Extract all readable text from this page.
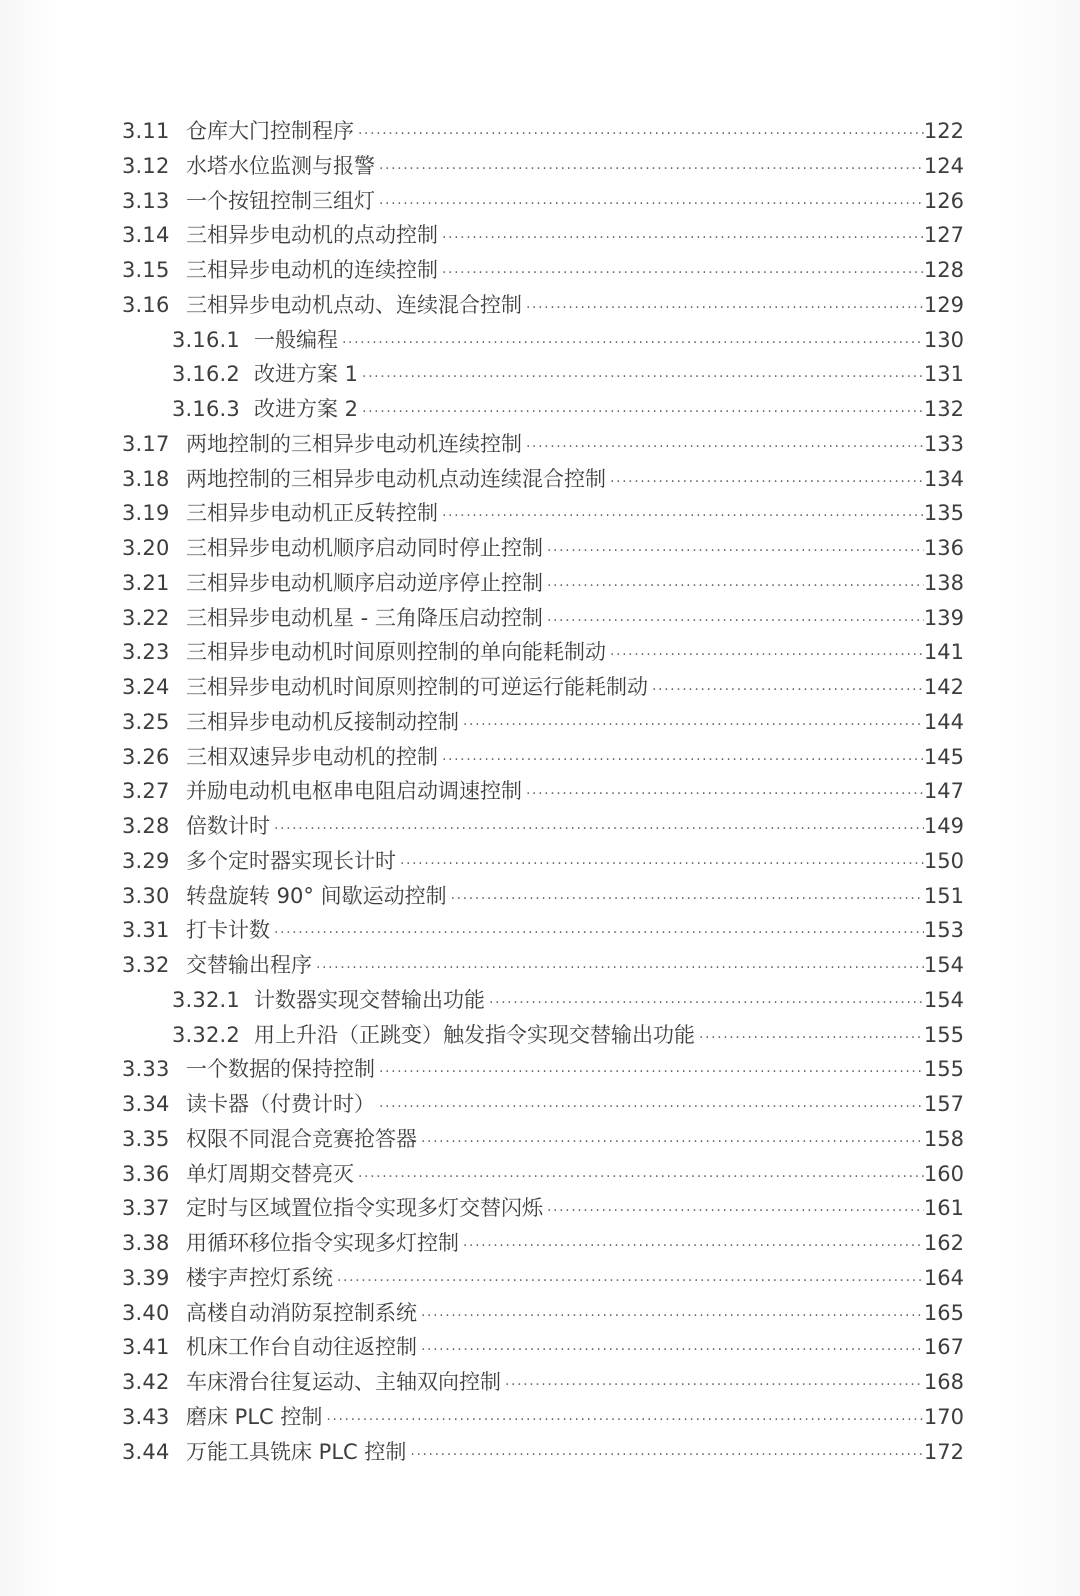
3.11 仓库大门控制程序 ·····	122
3.12 水塔水位监测与报警 ·····	124
3.13 一个按钮控制三组灯 ·····	126
3.14 三相异步电动机的点动控制 ·····	127
3.15 三相异步电动机的连续控制 ·····	128
3.16 三相异步电动机点动、连续混合控制 ·····	129
3.16.1 一般编程 ·····	130
3.16.2 改进方案 1 ·····	131
3.16.3 改进方案 2 ·····	132
3.17 两地控制的三相异步电动机连续控制 ·····	133
3.18 两地控制的三相异步电动机点动连续混合控制 ·····	134
3.19 三相异步电动机正反转控制 ·····	135
3.20 三相异步电动机顺序启动同时停止控制 ·····	136
3.21 三相异步电动机顺序启动逆序停止控制 ·····	138
3.22 三相异步电动机星 - 三角降压启动控制 ·····	139
3.23 三相异步电动机时间原则控制的单向能耗制动 ·····	141
3.24 三相异步电动机时间原则控制的可逆运行能耗制动 ·····	142
3.25 三相异步电动机反接制动控制 ·····	144
3.26 三相双速异步电动机的控制 ·····	145
3.27 并励电动机电枢串电阻启动调速控制 ·····	147
3.28 倍数计时 ·····	149
3.29 多个定时器实现长计时 ·····	150
3.30 转盘旋转 90° 间歇运动控制 ·····	151
3.31 打卡计数 ·····	153
3.32 交替输出程序 ·····	154
3.32.1 计数器实现交替输出功能 ·····	154
3.32.2 用上升沿（正跳变）触发指令实现交替输出功能 ·····	155
3.33 一个数据的保持控制 ·····	155
3.34 读卡器（付费计时） ·····	157
3.35 权限不同混合竞赛抢答器 ·····	158
3.36 单灯周期交替亮灭 ·····	160
3.37 定时与区域置位指令实现多灯交替闪烁 ·····	161
3.38 用循环移位指令实现多灯控制 ·····	162
3.39 楼宇声控灯系统 ·····	164
3.40 高楼自动消防泵控制系统 ·····	165
3.41 机床工作台自动往返控制 ·····	167
3.42 车床滑台往复运动、主轴双向控制 ·····	168
3.43 磨床 PLC 控制 ·····	170
3.44 万能工具铣床 PLC 控制 ·····	172
